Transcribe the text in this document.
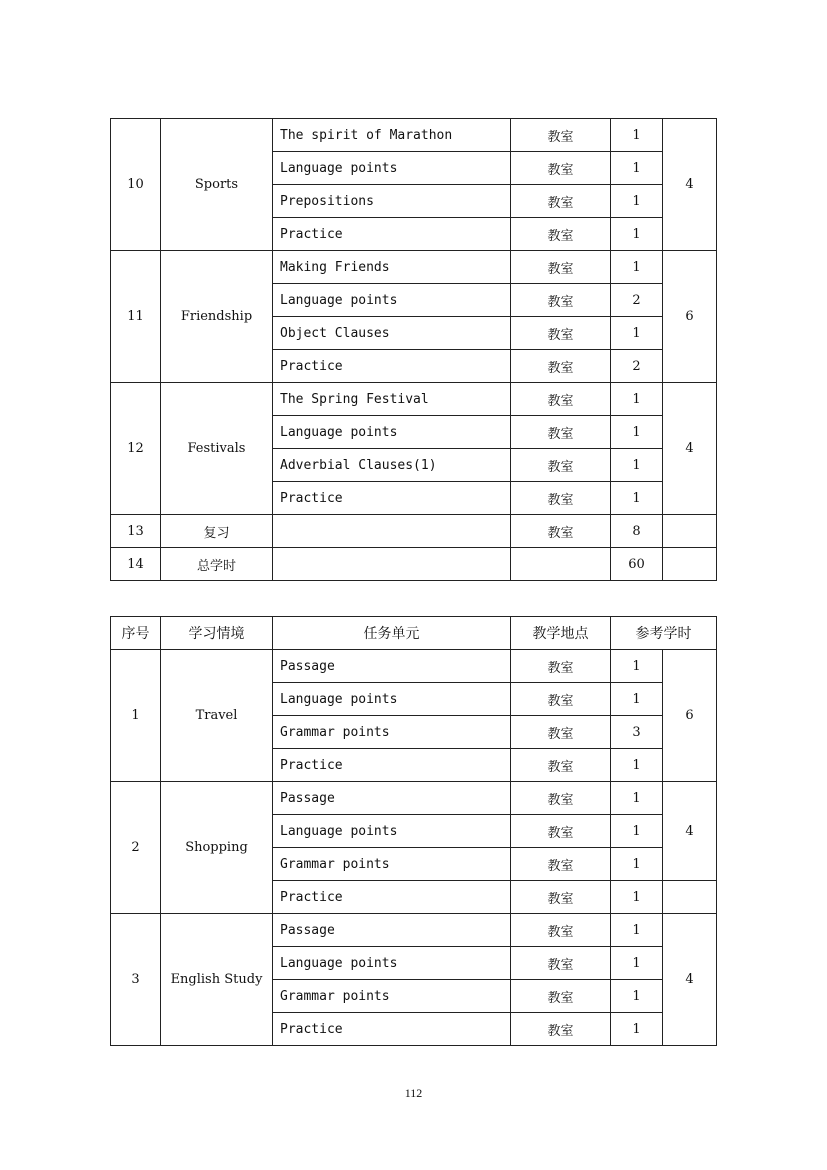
10	Sports	The spirit of Marathon	教室	1	4
		Language points	教室	1	
		Prepositions	教室	1	
		Practice	教室	1	
11	Friendship	Making Friends	教室	1	6
		Language points	教室	2	
		Object Clauses	教室	1	
		Practice	教室	2	
12	Festivals	The Spring Festival	教室	1	4
		Language points	教室	1	
		Adverbial Clauses(1)	教室	1	
		Practice	教室	1	
13	复习		教室	8	
14	总学时			60	
序号	学习情境	任务单元	教学地点	参考学时	
1	Travel	Passage	教室	1	6
		Language points	教室	1	
		Grammar points	教室	3	
		Practice	教室	1	
2	Shopping	Passage	教室	1	4
		Language points	教室	1	
		Grammar points	教室	1	
		Practice	教室	1	
3	English Study	Passage	教室	1	4
		Language points	教室	1	
		Grammar points	教室	1	
		Practice	教室	1	
112
